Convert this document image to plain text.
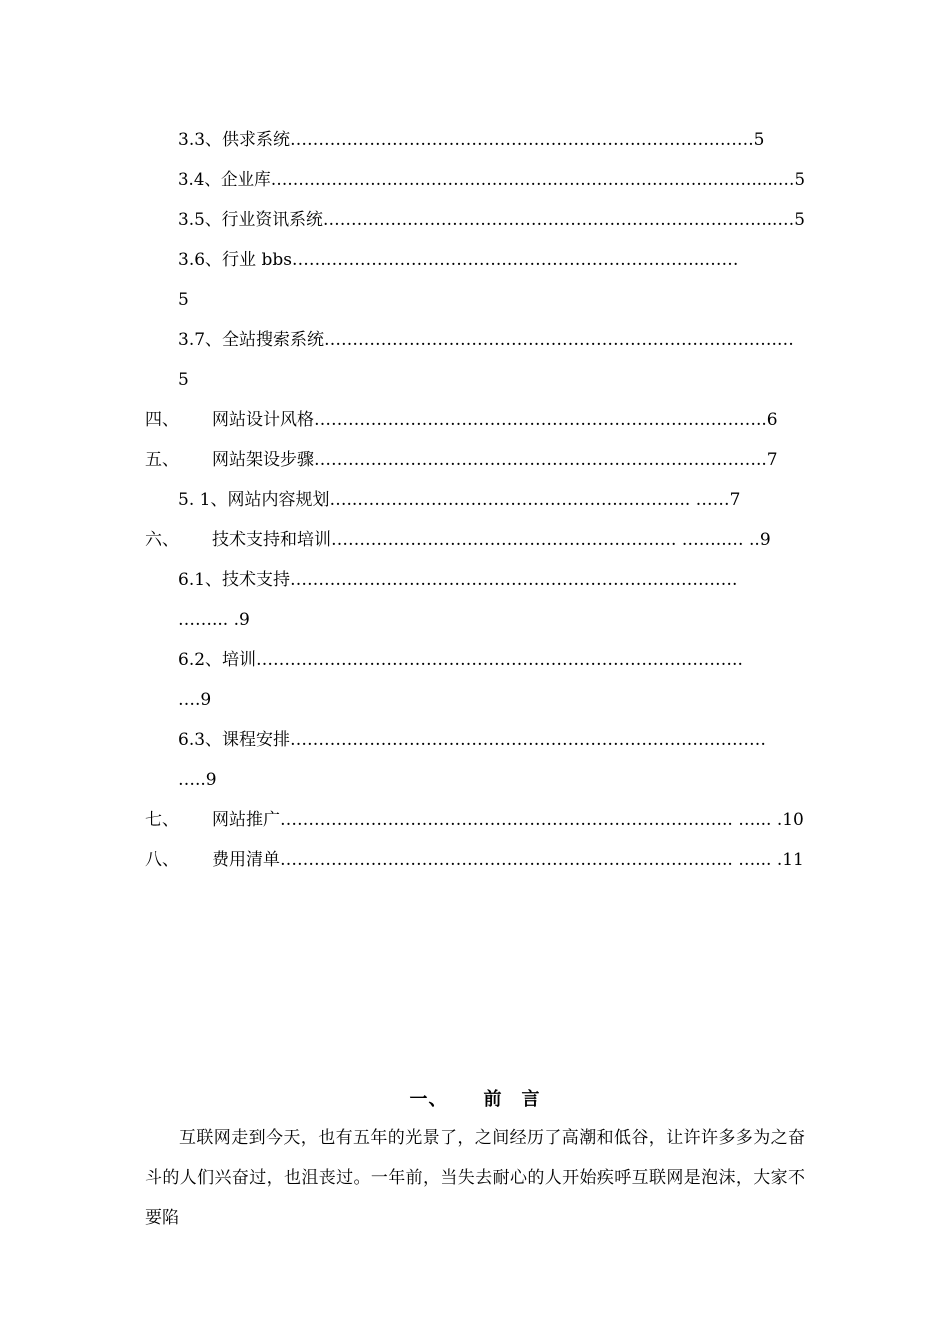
3.3、供求系统……………………………………………………..………….…….5
3.4、企业库…………………………………………………………………………….....…5
3.5、行业资讯系统……………………………………………………………………...…5
3.6、行业 bbs………………………………..……………………………..……
5
3.7、全站搜索系统………………………………………………………………….….…
5
四、 网站设计风格……………………………………………………………………..6
五、 网站架设步骤……………………………………………………………………..7
5. 1、网站内容规划…..………………………………………...……….. ……7
六、 技术支持和培训……………………………………………………. ……..… ..9
6.1、技术支持…………………………………………………………………….
……... .9
6.2、培训…………………………………………………………………………..
….9
6.3、课程安排…………………………………………………………………………
…..9
七、 网站推广…………………………………………………………………….. …... .10
八、 费用清单…………………………………………………………………….. …... .11
一、 前　言
互联网走到今天，也有五年的光景了，之间经历了高潮和低谷，让许许多多为之奋斗的人们兴奋过，也沮丧过。一年前，当失去耐心的人开始疾呼互联网是泡沫，大家不要陷
